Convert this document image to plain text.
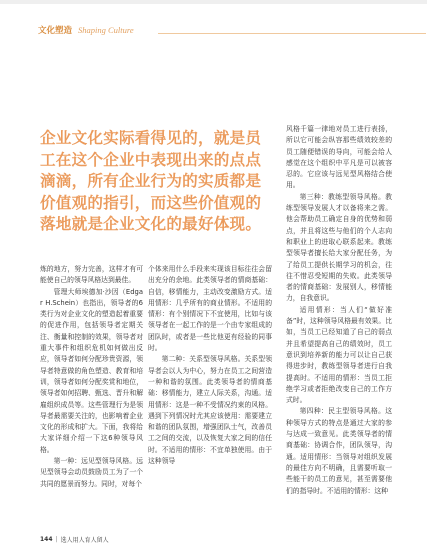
文化塑造 Shaping Culture
企业文化实际看得见的，就是员工在这个企业中表现出来的点点滴滴，所有企业行为的实质都是价值观的指引，而这些价值观的落地就是企业文化的最好体现。

炼的地方，努力完善，这样才有可能使自己的领导风格达到最佳。

管理大师埃德加·沙因（Edgar H.Schein）也指出，领导者的6类行为对企业文化的塑造起着重要的促进作用，包括领导者定期关注、衡量和控制的效果，领导者对重大事件和组织危机如何做出反应，领导者如何分配珍贵资源，领导者特意做的角色塑造、教育和培训，领导者如何分配奖赏和地位，领导者如何招聘、甄选、晋升和解雇组织成员等。这些管理行为是领导者最需要关注的，也影响着企业文化的形成和扩大。下面，我将给大家详细介绍一下这6种领导风格。

第一种：远见型领导风格。远见型领导会动员鼓励员工为了一个共同的愿景而努力。同时，对每个

个体来用什么手段来实现该目标往往会留出充分的余地。此类领导者的情商基础：自信，移情能力，主动改变激励方式。适用情形：几乎所有的商业情形。不适用的情形：有个别情况下不宜使用，比如与该领导者在一起工作的是一个由专家组成的团队时，或者是一些比他更有经验的同事时。

第二种：关系型领导风格。关系型领导者会以人为中心，努力在员工之间营造一种和谐的氛围。此类领导者的情商基础：移情能力，建立人际关系，沟通。适用情形：这是一种不受情况约束的风格。遇到下列情况时尤其应该使用：需要建立和谐的团队氛围，增强团队士气，改善员工之间的交流，以及恢复大家之间的信任时。不适用的情形：不宜单独使用。由于这种领导

风格千篇一律地对员工进行表扬，所以它可能会纵容那些绩效较差的员工随便错误的导向，可能会给人感觉在这个组织中平凡是可以被容忍的。它应该与远见型风格结合使用。

第三种：教练型领导风格。教练型领导发展人才以备将来之需。他会帮助员工确定自身的优势和弱点，并且将这些与他们的个人志向和职业上的进取心联系起来。教练型领导者擅长给大家分配任务，为了给员工提供长期学习的机会，往往不惜忍受短期的失败。此类领导者的情商基础：发展别人，移情能力，自我意识。

适用情形：当人们“做好准备”时，这种领导风格最有效果。比如，当员工已经知道了自己的弱点并且希望提高自己的绩效时，员工意识到培养新的能力可以让自己获得进步时，教练型领导者进行自我提高时。不适用的情形：当员工拒绝学习或者拒绝改变自己的工作方式时。

第四种：民主型领导风格。这种领导方式的特点是通过大家的参与达成一致意见。此类领导者的情商基础：协调合作，团队领导，沟通。适用情形：当领导对组织发展的最佳方向不明确，且需要听取一些能干的员工的意见，甚至需要他们的指导时。不适用的情形：这种

144 | 选人用人育人留人
